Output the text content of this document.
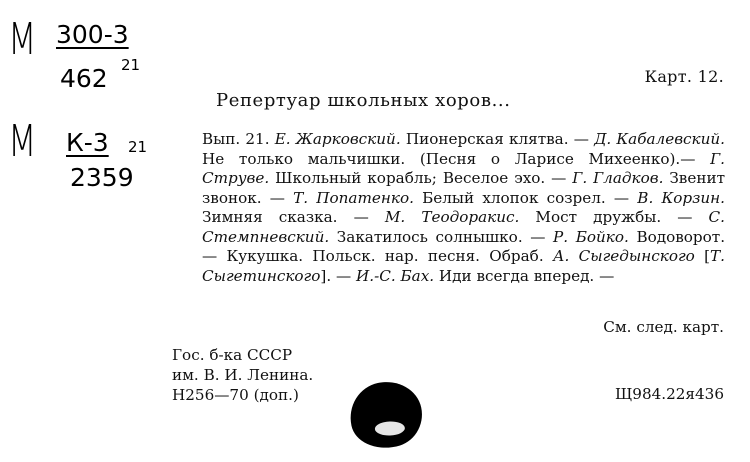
М 300-3
462 21
М К-3
2359
21
Карт. 12.
Репертуар школьных хоров...

Вып. 21. Е. Жарковский. Пионерская клятва. — Д. Кабалевский. Не только мальчишки. (Песня о Ларисе Михеенко).— Г. Струве. Школьный корабль; Веселое эхо. — Г. Гладков. Звенит звонок. — Т. Попатенко. Белый хлопок созрел. — В. Корзин. Зимняя сказка. — М. Теодоракис. Мост дружбы. — С. Стемпневский. Закатилось солнышко. — Р. Бойко. Водоворот. — Кукушка. Польск. нар. песня. Обраб. А. Сыгедынского [Т. Сыгетинского]. — И.-С. Бах. Иди всегда вперед. —

См. след. карт.
Гос. б-ка СССР
им. В. И. Ленина.
Н256—70 (доп.)	Щ984.22я436
